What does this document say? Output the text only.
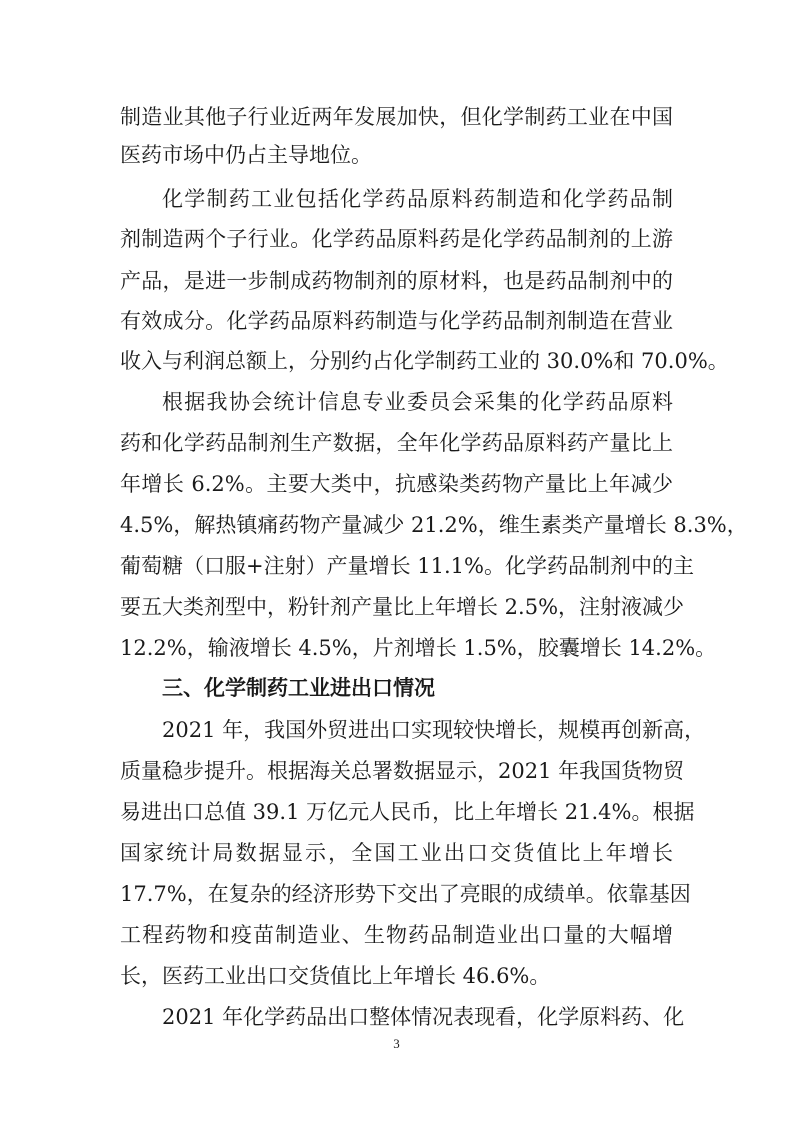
制造业其他子行业近两年发展加快，但化学制药工业在中国
医药市场中仍占主导地位。
化学制药工业包括化学药品原料药制造和化学药品制
剂制造两个子行业。化学药品原料药是化学药品制剂的上游
产品，是进一步制成药物制剂的原材料，也是药品制剂中的
有效成分。化学药品原料药制造与化学药品制剂制造在营业
收入与利润总额上，分别约占化学制药工业的 30.0%和 70.0%。
根据我协会统计信息专业委员会采集的化学药品原料
药和化学药品制剂生产数据，全年化学药品原料药产量比上
年增长 6.2%。主要大类中，抗感染类药物产量比上年减少
4.5%，解热镇痛药物产量减少 21.2%，维生素类产量增长 8.3%，
葡萄糖（口服+注射）产量增长 11.1%。化学药品制剂中的主
要五大类剂型中，粉针剂产量比上年增长 2.5%，注射液减少
12.2%，输液增长 4.5%，片剂增长 1.5%，胶囊增长 14.2%。
三、化学制药工业进出口情况
2021 年，我国外贸进出口实现较快增长，规模再创新高，
质量稳步提升。根据海关总署数据显示，2021 年我国货物贸
易进出口总值 39.1 万亿元人民币，比上年增长 21.4%。根据
国家统计局数据显示，全国工业出口交货值比上年增长
17.7%，在复杂的经济形势下交出了亮眼的成绩单。依靠基因
工程药物和疫苗制造业、生物药品制造业出口量的大幅增
长，医药工业出口交货值比上年增长 46.6%。
2021 年化学药品出口整体情况表现看，化学原料药、化
3
